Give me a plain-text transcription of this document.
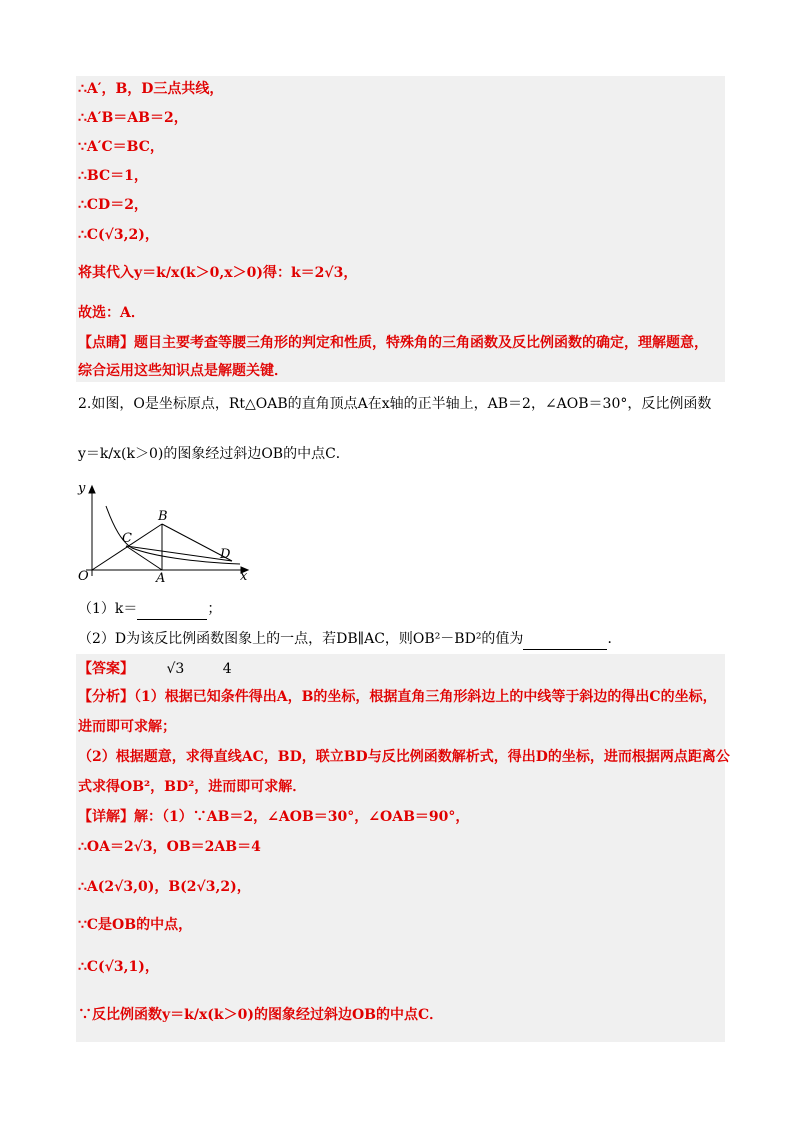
∴A′，B，D三点共线，
∴A′B＝AB＝2，
∵A′C＝BC，
∴BC＝1，
∴CD＝2，
∴C(√3,2)，
将其代入y＝k/x(k＞0,x＞0)得：k＝2√3，
故选：A．
【点睛】题目主要考查等腰三角形的判定和性质，特殊角的三角函数及反比例函数的确定，理解题意，
综合运用这些知识点是解题关键．
2.如图，O是坐标原点，Rt△OAB的直角顶点A在x轴的正半轴上，AB＝2，∠AOB＝30°，反比例函数
y＝k/x(k＞0)的图象经过斜边OB的中点C．
y
x
O	A
B
C
D
（1）k＝	；
（2）D为该反比例函数图象上的一点，若DB∥AC，则OB²－BD²的值为	．
【答案】 √3	4
【分析】（1）根据已知条件得出A，B的坐标，根据直角三角形斜边上的中线等于斜边的得出C的坐标，
进而即可求解；
（2）根据题意，求得直线AC，BD，联立BD与反比例函数解析式，得出D的坐标，进而根据两点距离公
式求得OB²，BD²，进而即可求解．
【详解】解：（1）∵AB＝2，∠AOB＝30°，∠OAB＝90°，
∴OA＝2√3，OB＝2AB＝4
∴A(2√3,0)，B(2√3,2)，
∵C是OB的中点，
∴C(√3,1)，
∵反比例函数y＝k/x(k＞0)的图象经过斜边OB的中点C．
